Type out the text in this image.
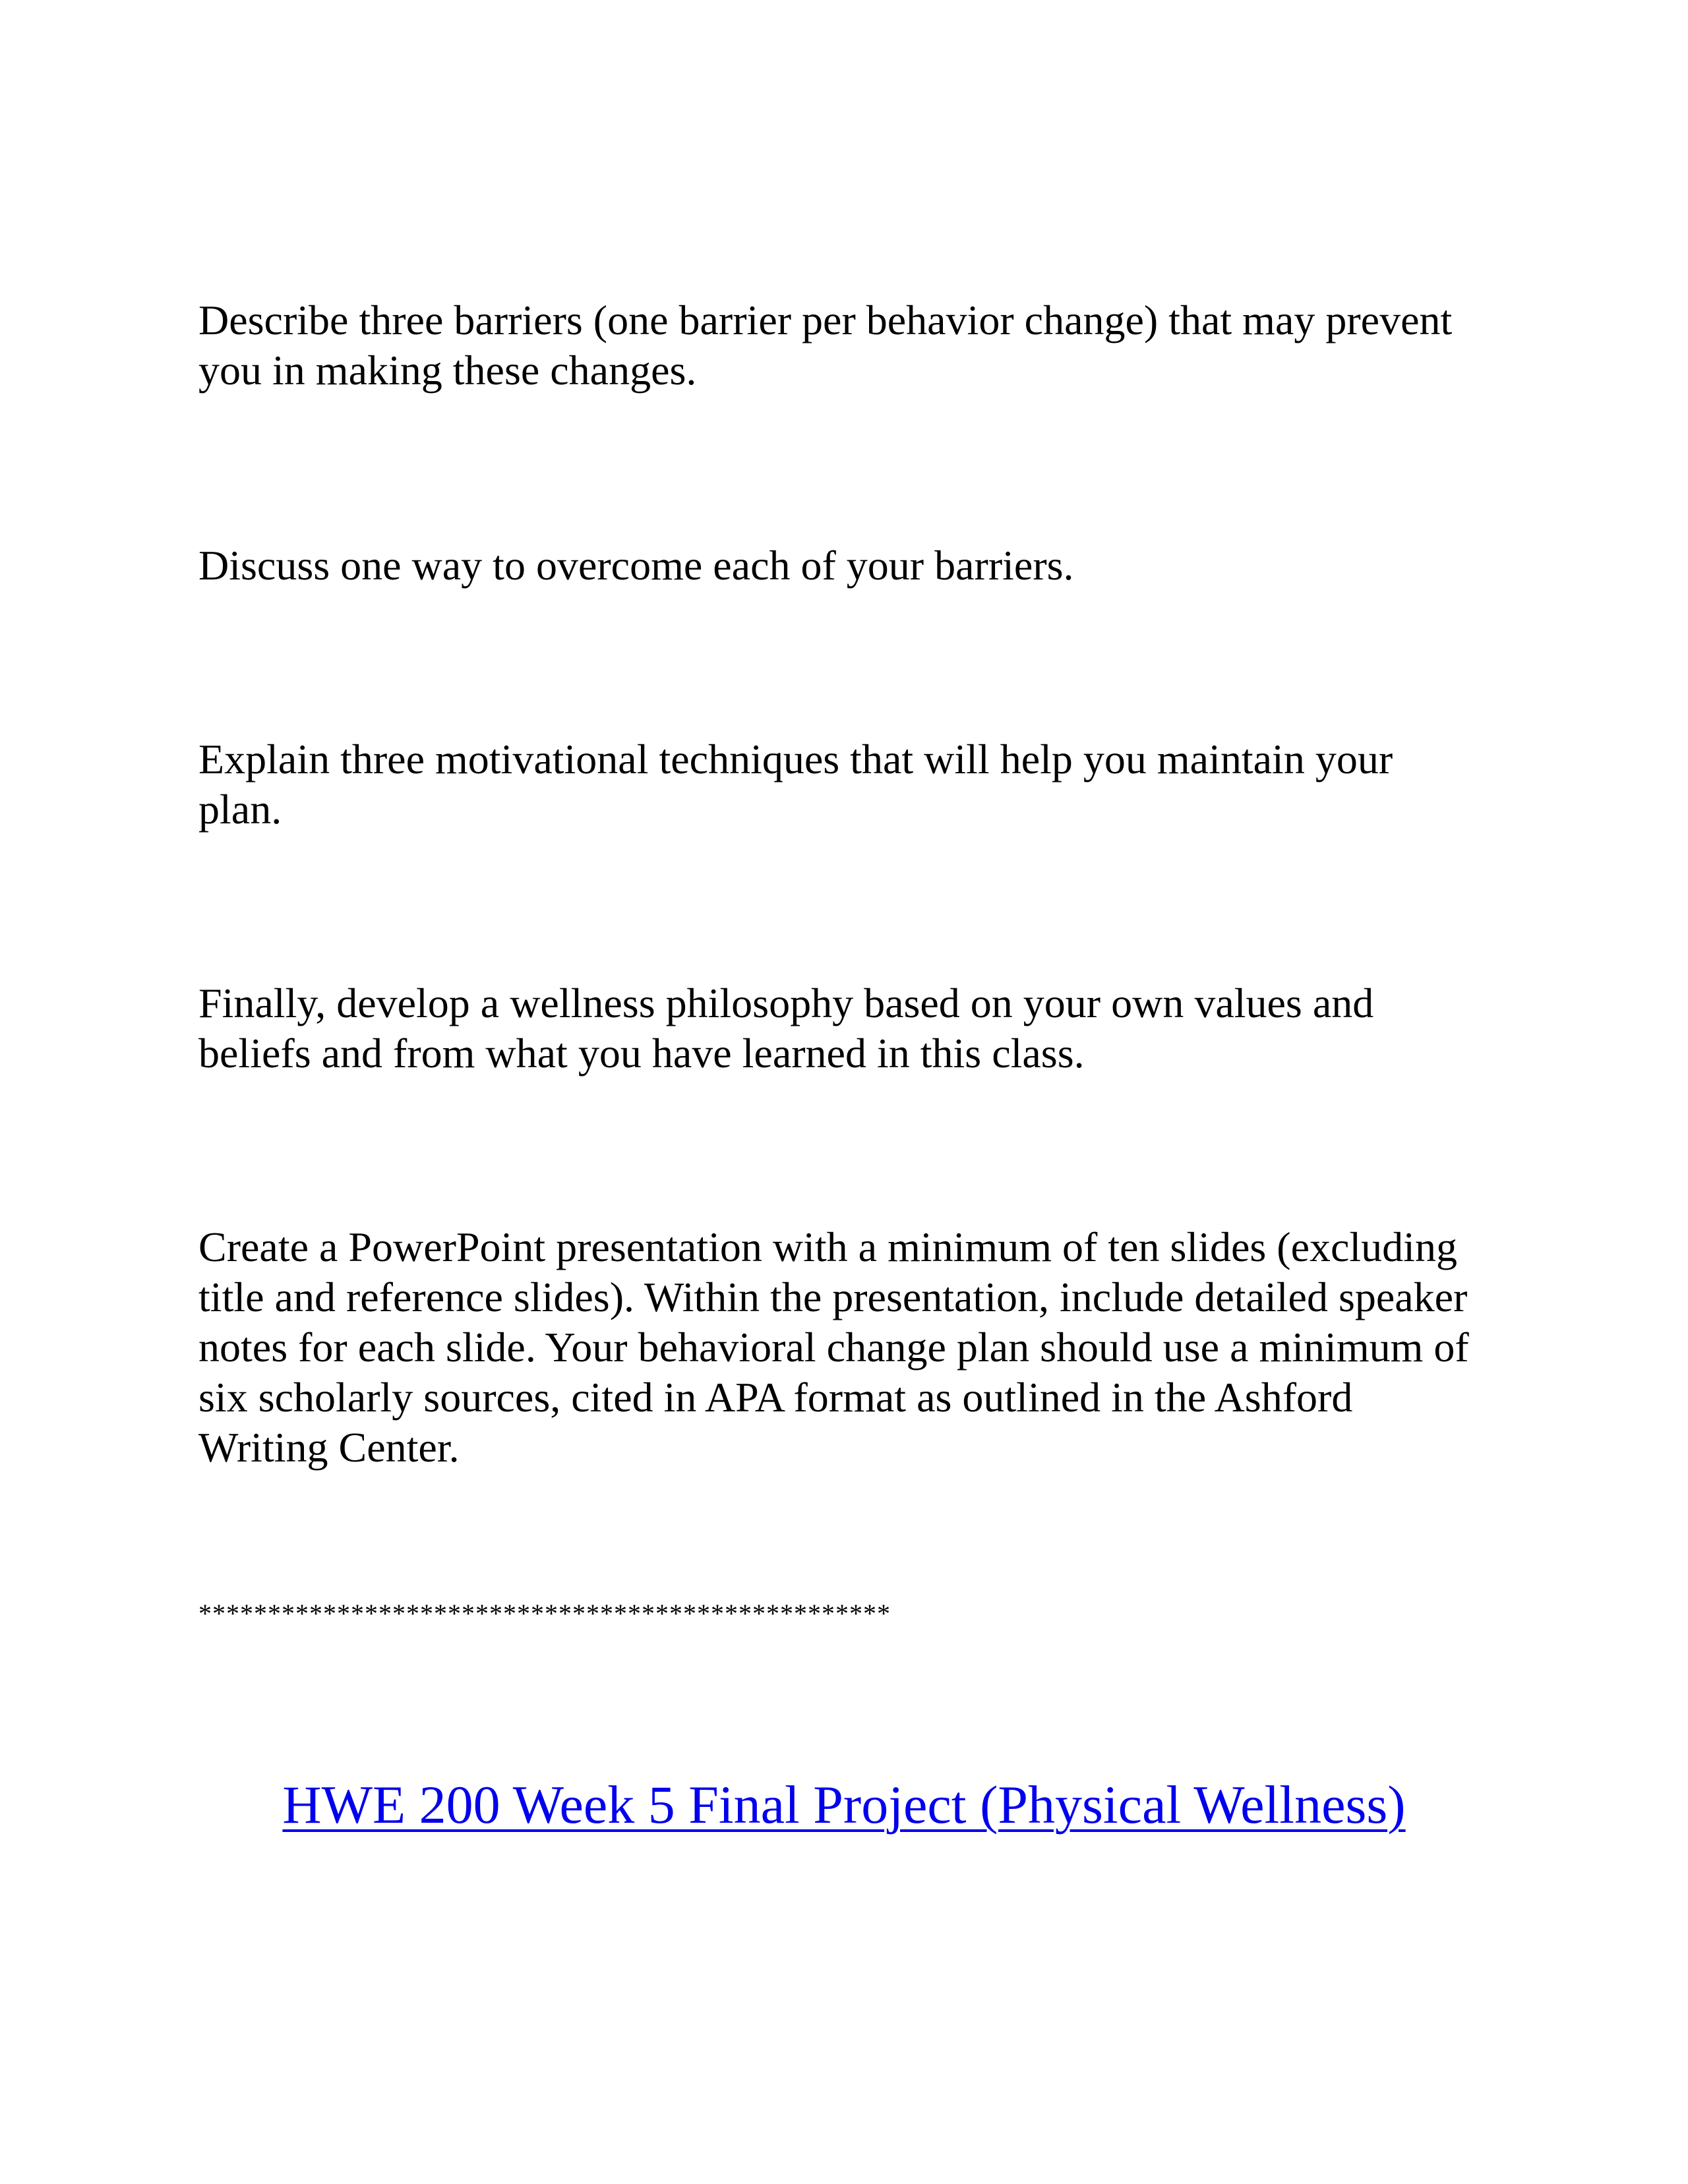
Describe three barriers (one barrier per behavior change) that may prevent you in making these changes.

Discuss one way to overcome each of your barriers.

Explain three motivational techniques that will help you maintain your plan.

Finally, develop a wellness philosophy based on your own values and beliefs and from what you have learned in this class.

Create a PowerPoint presentation with a minimum of ten slides (excluding title and reference slides). Within the presentation, include detailed speaker notes for each slide. Your behavioral change plan should use a minimum of six scholarly sources, cited in APA format as outlined in the Ashford Writing Center.

**************************************************

HWE 200 Week 5 Final Project (Physical Wellness)
